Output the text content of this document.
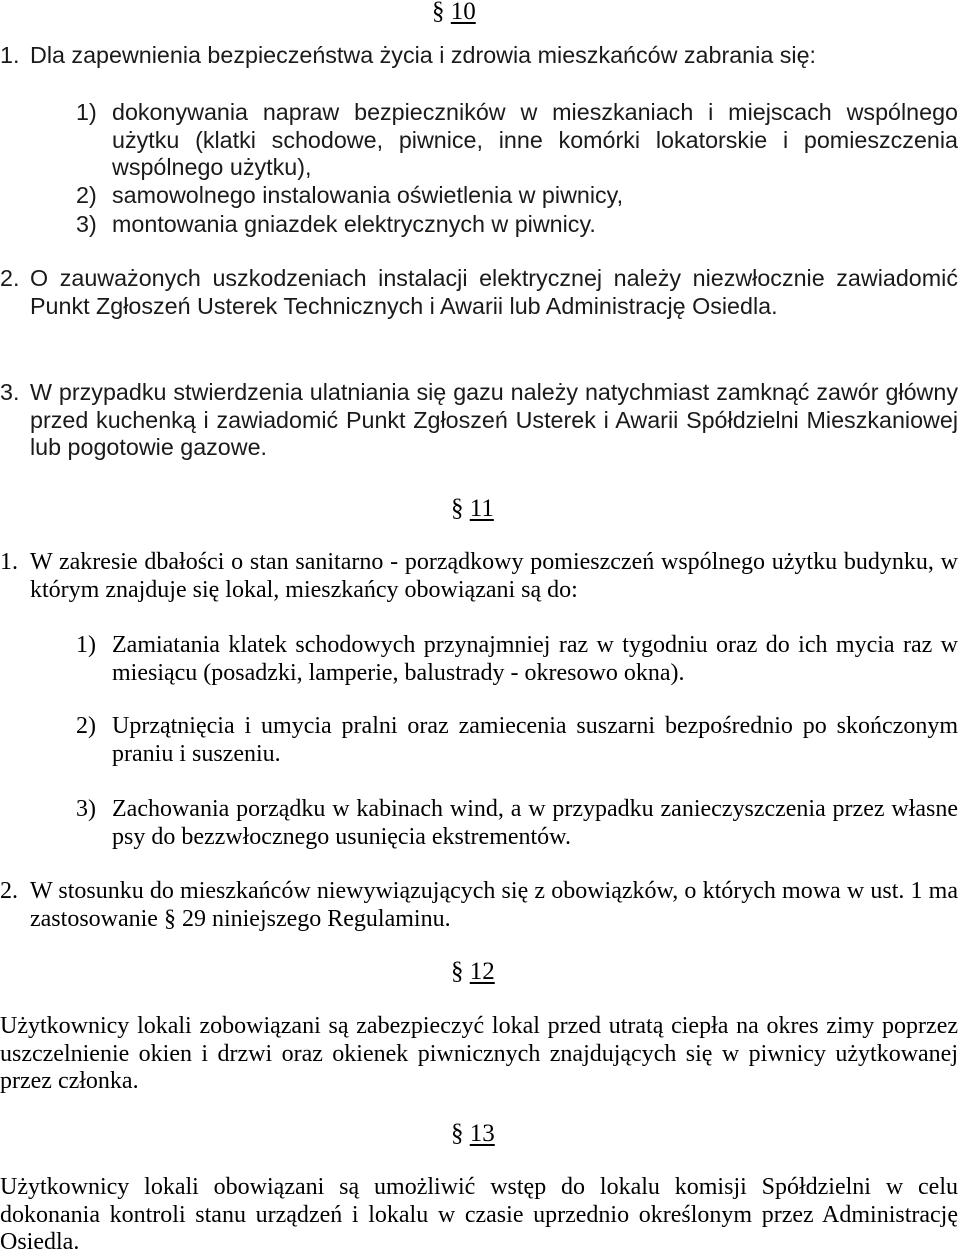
§ 10
1. Dla zapewnienia bezpieczeństwa życia i zdrowia mieszkańców zabrania się:
1) dokonywania napraw bezpieczników w mieszkaniach i miejscach wspólnego użytku (klatki schodowe, piwnice, inne komórki lokatorskie i pomieszczenia wspólnego użytku),
2) samowolnego instalowania oświetlenia w piwnicy,
3) montowania gniazdek elektrycznych w piwnicy.
2. O zauważonych uszkodzeniach instalacji elektrycznej należy niezwłocznie zawiadomić Punkt Zgłoszeń Usterek Technicznych i Awarii lub Administrację Osiedla.
3. W przypadku stwierdzenia ulatniania się gazu należy natychmiast zamknąć zawór główny przed kuchenką i zawiadomić Punkt Zgłoszeń Usterek i Awarii Spółdzielni Mieszkaniowej lub pogotowie gazowe.
§ 11
1. W zakresie dbałości o stan sanitarno - porządkowy pomieszczeń wspólnego użytku budynku, w którym znajduje się lokal, mieszkańcy obowiązani są do:
1) Zamiatania klatek schodowych przynajmniej raz w tygodniu oraz do ich mycia raz w miesiącu (posadzki, lamperie, balustrady - okresowo okna).
2) Uprzątnięcia i umycia pralni oraz zamiecenia suszarni bezpośrednio po skończonym praniu i suszeniu.
3) Zachowania porządku w kabinach wind, a w przypadku zanieczyszczenia przez własne psy do bezzwłocznego usunięcia ekstrementów.
2. W stosunku do mieszkańców niewywiązujących się z obowiązków, o których mowa w ust. 1 ma zastosowanie § 29 niniejszego Regulaminu.
§ 12
Użytkownicy lokali zobowiązani są zabezpieczyć lokal przed utratą ciepła na okres zimy poprzez uszczelnienie okien i drzwi oraz okienek piwnicznych znajdujących się w piwnicy użytkowanej przez członka.
§ 13
Użytkownicy lokali obowiązani są umożliwić wstęp do lokalu komisji Spółdzielni w celu dokonania kontroli stanu urządzeń i lokalu w czasie uprzednio określonym przez Administrację Osiedla.
